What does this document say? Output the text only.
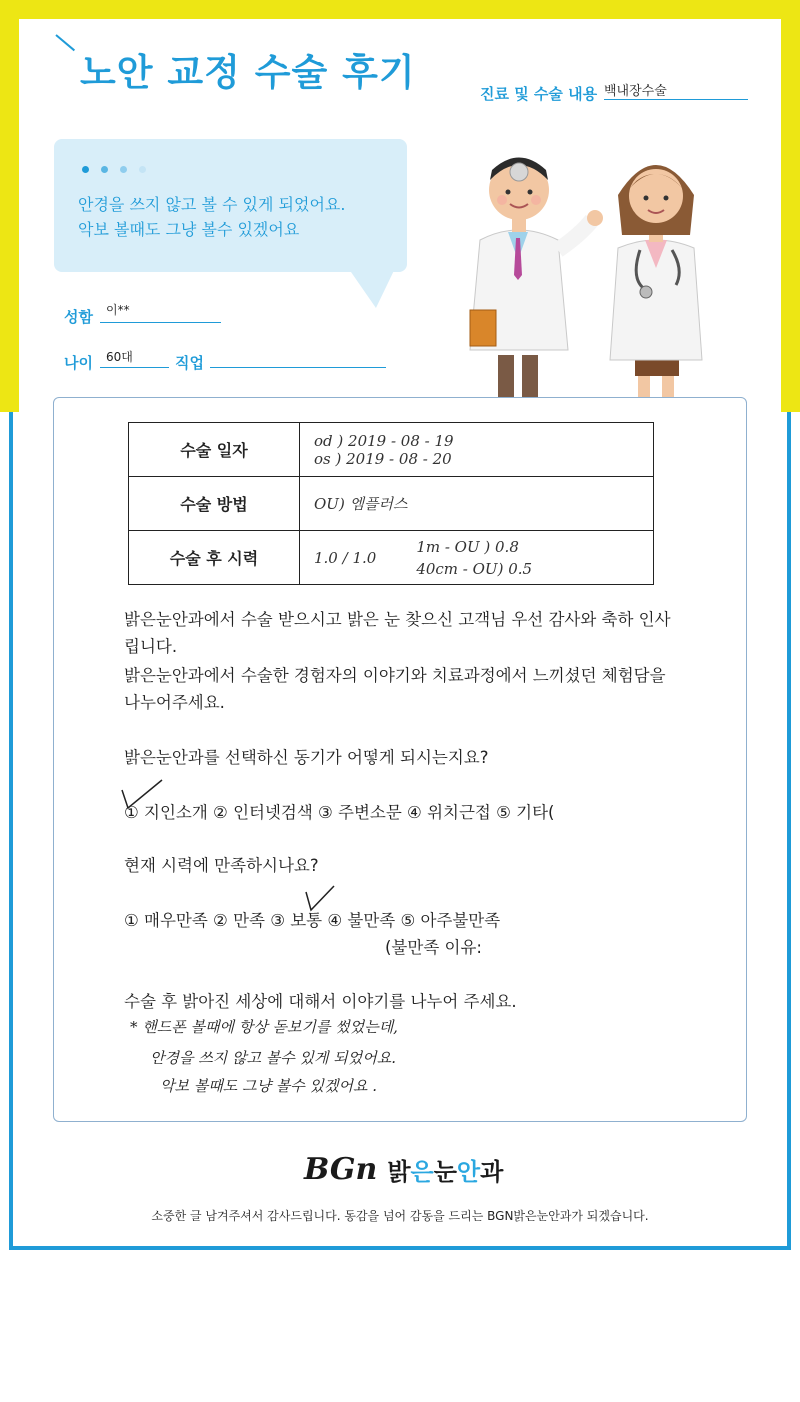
노안 교정 수술 후기	진료 및 수술 내용 백내장수술
안경을 쓰지 않고 볼 수 있게 되었어요.
악보 볼때도 그냥 볼수 있겠어요
성함	이**
나이	60대	직업
수술 일자	od ) 2019 - 08 - 19
os ) 2019 - 08 - 20

수술 방법	OU) 엠플러스
수술 후 시력	1.0 / 1.0
1m - OU ) 0.8
40cm - OU) 0.5
밝은눈안과에서 수술 받으시고 밝은 눈 찾으신 고객님 우선 감사와 축하 인사
립니다.
밝은눈안과에서 수술한 경험자의 이야기와 치료과정에서 느끼셨던 체험담을
나누어주세요.
밝은눈안과를 선택하신 동기가 어떻게 되시는지요?
① 지인소개 ② 인터넷검색 ③ 주변소문 ④ 위치근접 ⑤ 기타(
현재 시력에 만족하시나요?
① 매우만족 ② 만족 ③ 보통 ④ 불만족 ⑤ 아주불만족
(불만족 이유:
수술 후 밝아진 세상에 대해서 이야기를 나누어 주세요.
* 핸드폰 볼때에 항상 돋보기를 썼었는데,
안경을 쓰지 않고 볼수 있게 되었어요.
악보 볼때도 그냥 볼수 있겠어요 .
BGn 밝은눈안과
소중한 글 남겨주셔서 감사드립니다. 동감을 넘어 감동을 드리는 BGN밝은눈안과가 되겠습니다.
